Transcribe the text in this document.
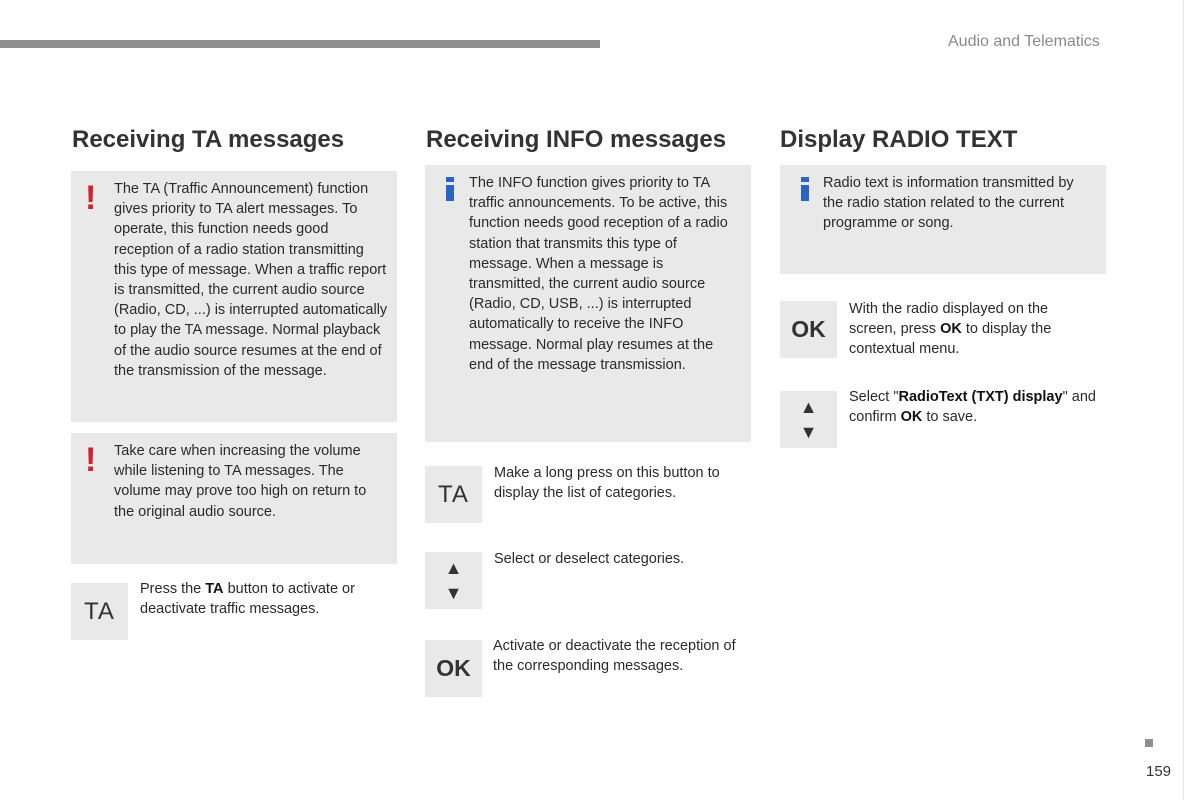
Audio and Telematics
Receiving TA messages
! The TA (Traffic Announcement) function gives priority to TA alert messages. To operate, this function needs good reception of a radio station transmitting this type of message. When a traffic report is transmitted, the current audio source (Radio, CD, ...) is interrupted automatically to play the TA message. Normal playback of the audio source resumes at the end of the transmission of the message.
! Take care when increasing the volume while listening to TA messages. The volume may prove too high on return to the original audio source.
TA
Press the TA button to activate or deactivate traffic messages.
Receiving INFO messages
The INFO function gives priority to TA traffic announcements. To be active, this function needs good reception of a radio station that transmits this type of message. When a message is transmitted, the current audio source (Radio, CD, USB, ...) is interrupted automatically to receive the INFO message. Normal play resumes at the end of the message transmission.
TA
Make a long press on this button to display the list of categories.
▲
▼
Select or deselect categories.
OK
Activate or deactivate the reception of the corresponding messages.
Display RADIO TEXT
Radio text is information transmitted by the radio station related to the current programme or song.
OK
With the radio displayed on the screen, press OK to display the contextual menu.
▲
▼
Select "RadioText (TXT) display" and confirm OK to save.
159
